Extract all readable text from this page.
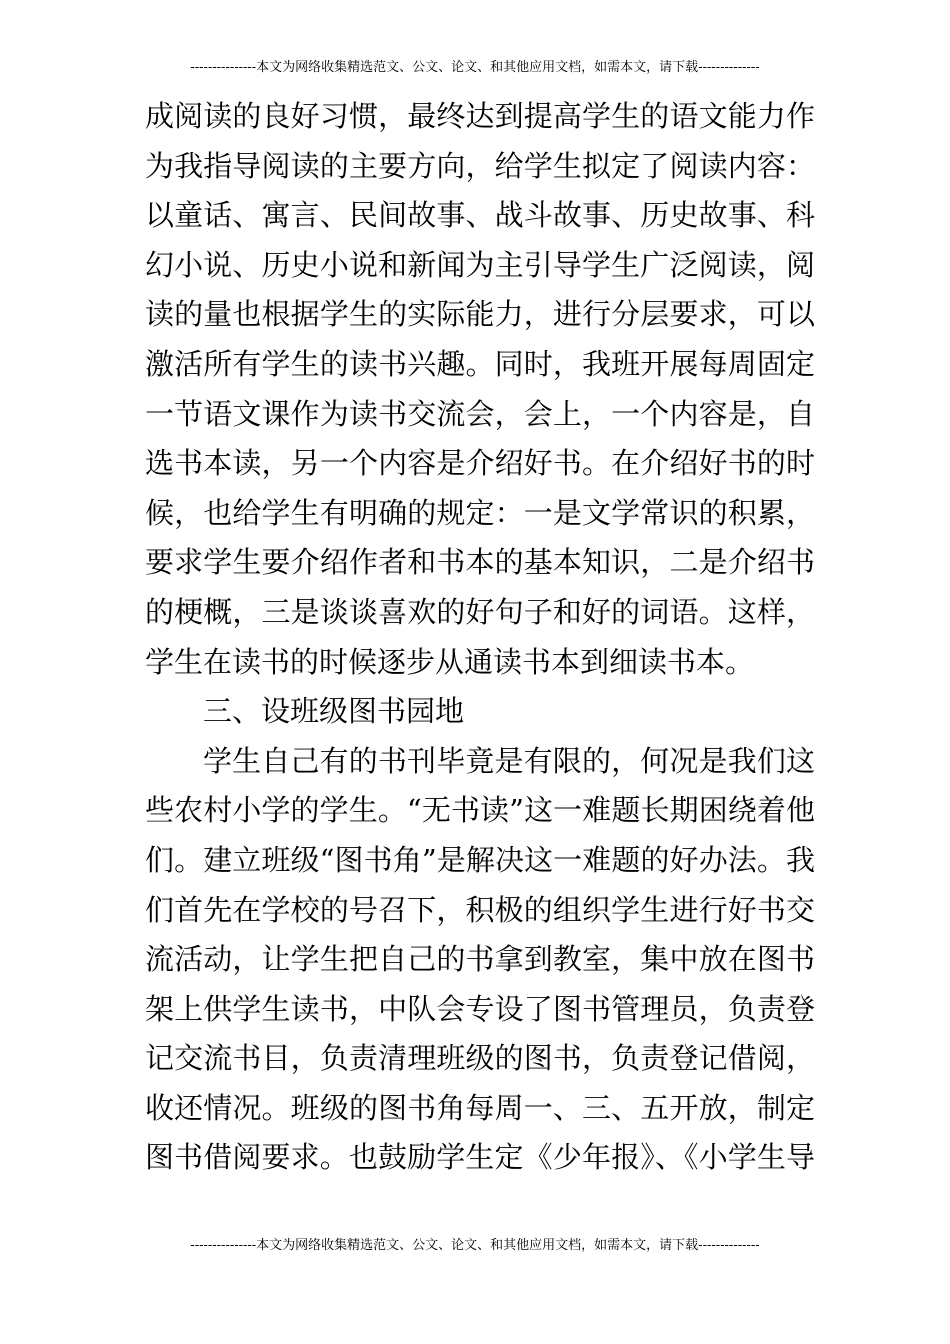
---------------本文为网络收集精选范文、公文、论文、和其他应用文档，如需本文，请下载--------------
成阅读的良好习惯，最终达到提高学生的语文能力作
为我指导阅读的主要方向，给学生拟定了阅读内容：
以童话、寓言、民间故事、战斗故事、历史故事、科
幻小说、历史小说和新闻为主引导学生广泛阅读，阅
读的量也根据学生的实际能力，进行分层要求，可以
激活所有学生的读书兴趣。同时，我班开展每周固定
一节语文课作为读书交流会，会上，一个内容是，自
选书本读，另一个内容是介绍好书。在介绍好书的时
候，也给学生有明确的规定：一是文学常识的积累，
要求学生要介绍作者和书本的基本知识，二是介绍书
的梗概，三是谈谈喜欢的好句子和好的词语。这样，
学生在读书的时候逐步从通读书本到细读书本。
三、设班级图书园地
学生自己有的书刊毕竟是有限的，何况是我们这
些农村小学的学生。“无书读”这一难题长期困绕着他
们。建立班级“图书角”是解决这一难题的好办法。我
们首先在学校的号召下，积极的组织学生进行好书交
流活动，让学生把自己的书拿到教室，集中放在图书
架上供学生读书，中队会专设了图书管理员，负责登
记交流书目，负责清理班级的图书，负责登记借阅，
收还情况。班级的图书角每周一、三、五开放，制定
图书借阅要求。也鼓励学生定《少年报》、《小学生导
---------------本文为网络收集精选范文、公文、论文、和其他应用文档，如需本文，请下载--------------
